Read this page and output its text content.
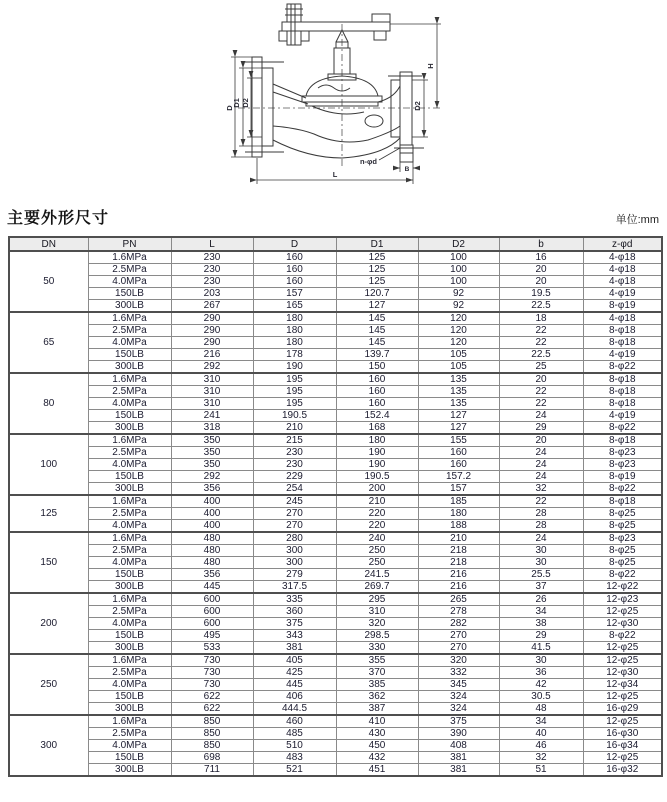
D
D1 D2	D2
H
L
B
n-φd
主要外形尺寸	单位:mm
DN	PN	L	D	D1	D2	b	z-φd
50	1.6MPa	230	160	125	100	16	4-φ18
	2.5MPa	230	160	125	100	20	4-φ18
	4.0MPa	230	160	125	100	20	4-φ18
	150LB	203	157	120.7	92	19.5	4-φ19
	300LB	267	165	127	92	22.5	8-φ19
65	1.6MPa	290	180	145	120	18	4-φ18
	2.5MPa	290	180	145	120	22	8-φ18
	4.0MPa	290	180	145	120	22	8-φ18
	150LB	216	178	139.7	105	22.5	4-φ19
	300LB	292	190	150	105	25	8-φ22
80	1.6MPa	310	195	160	135	20	8-φ18
	2.5MPa	310	195	160	135	22	8-φ18
	4.0MPa	310	195	160	135	22	8-φ18
	150LB	241	190.5	152.4	127	24	4-φ19
	300LB	318	210	168	127	29	8-φ22
100	1.6MPa	350	215	180	155	20	8-φ18
	2.5MPa	350	230	190	160	24	8-φ23
	4.0MPa	350	230	190	160	24	8-φ23
	150LB	292	229	190.5	157.2	24	8-φ19
	300LB	356	254	200	157	32	8-φ22
125	1.6MPa	400	245	210	185	22	8-φ18
	2.5MPa	400	270	220	180	28	8-φ25
	4.0MPa	400	270	220	188	28	8-φ25
150	1.6MPa	480	280	240	210	24	8-φ23
	2.5MPa	480	300	250	218	30	8-φ25
	4.0MPa	480	300	250	218	30	8-φ25
	150LB	356	279	241.5	216	25.5	8-φ22
	300LB	445	317.5	269.7	216	37	12-φ22
200	1.6MPa	600	335	295	265	26	12-φ23
	2.5MPa	600	360	310	278	34	12-φ25
	4.0MPa	600	375	320	282	38	12-φ30
	150LB	495	343	298.5	270	29	8-φ22
	300LB	533	381	330	270	41.5	12-φ25
250	1.6MPa	730	405	355	320	30	12-φ25
	2.5MPa	730	425	370	332	36	12-φ30
	4.0MPa	730	445	385	345	42	12-φ34
	150LB	622	406	362	324	30.5	12-φ25
	300LB	622	444.5	387	324	48	16-φ29
300	1.6MPa	850	460	410	375	34	12-φ25
	2.5MPa	850	485	430	390	40	16-φ30
	4.0MPa	850	510	450	408	46	16-φ34
	150LB	698	483	432	381	32	12-φ25
	300LB	711	521	451	381	51	16-φ32
